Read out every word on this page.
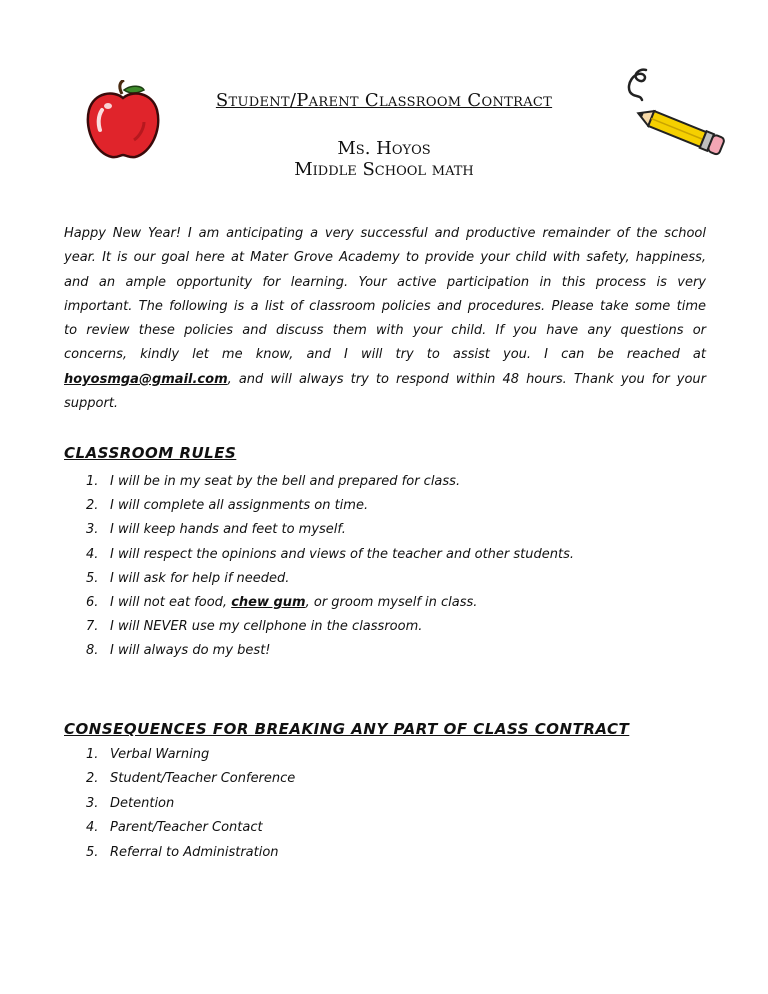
Student/Parent Classroom Contract
Ms. Hoyos
Middle School math

Happy New Year! I am anticipating a very successful and productive remainder of the school year. It is our goal here at Mater Grove Academy to provide your child with safety, happiness, and an ample opportunity for learning. Your active participation in this process is very important. The following is a list of classroom policies and procedures. Please take some time to review these policies and discuss them with your child. If you have any questions or concerns, kindly let me know, and I will try to assist you. I can be reached at hoyosmga@gmail.com, and will always try to respond within 48 hours. Thank you for your support.

CLASSROOM RULES
1. I will be in my seat by the bell and prepared for class.
2. I will complete all assignments on time.
3. I will keep hands and feet to myself.
4. I will respect the opinions and views of the teacher and other students.
5. I will ask for help if needed.
6. I will not eat food, chew gum, or groom myself in class.
7. I will NEVER use my cellphone in the classroom.
8. I will always do my best!
CONSEQUENCES FOR BREAKING ANY PART OF CLASS CONTRACT
1. Verbal Warning
2. Student/Teacher Conference
3. Detention
4. Parent/Teacher Contact
5. Referral to Administration
